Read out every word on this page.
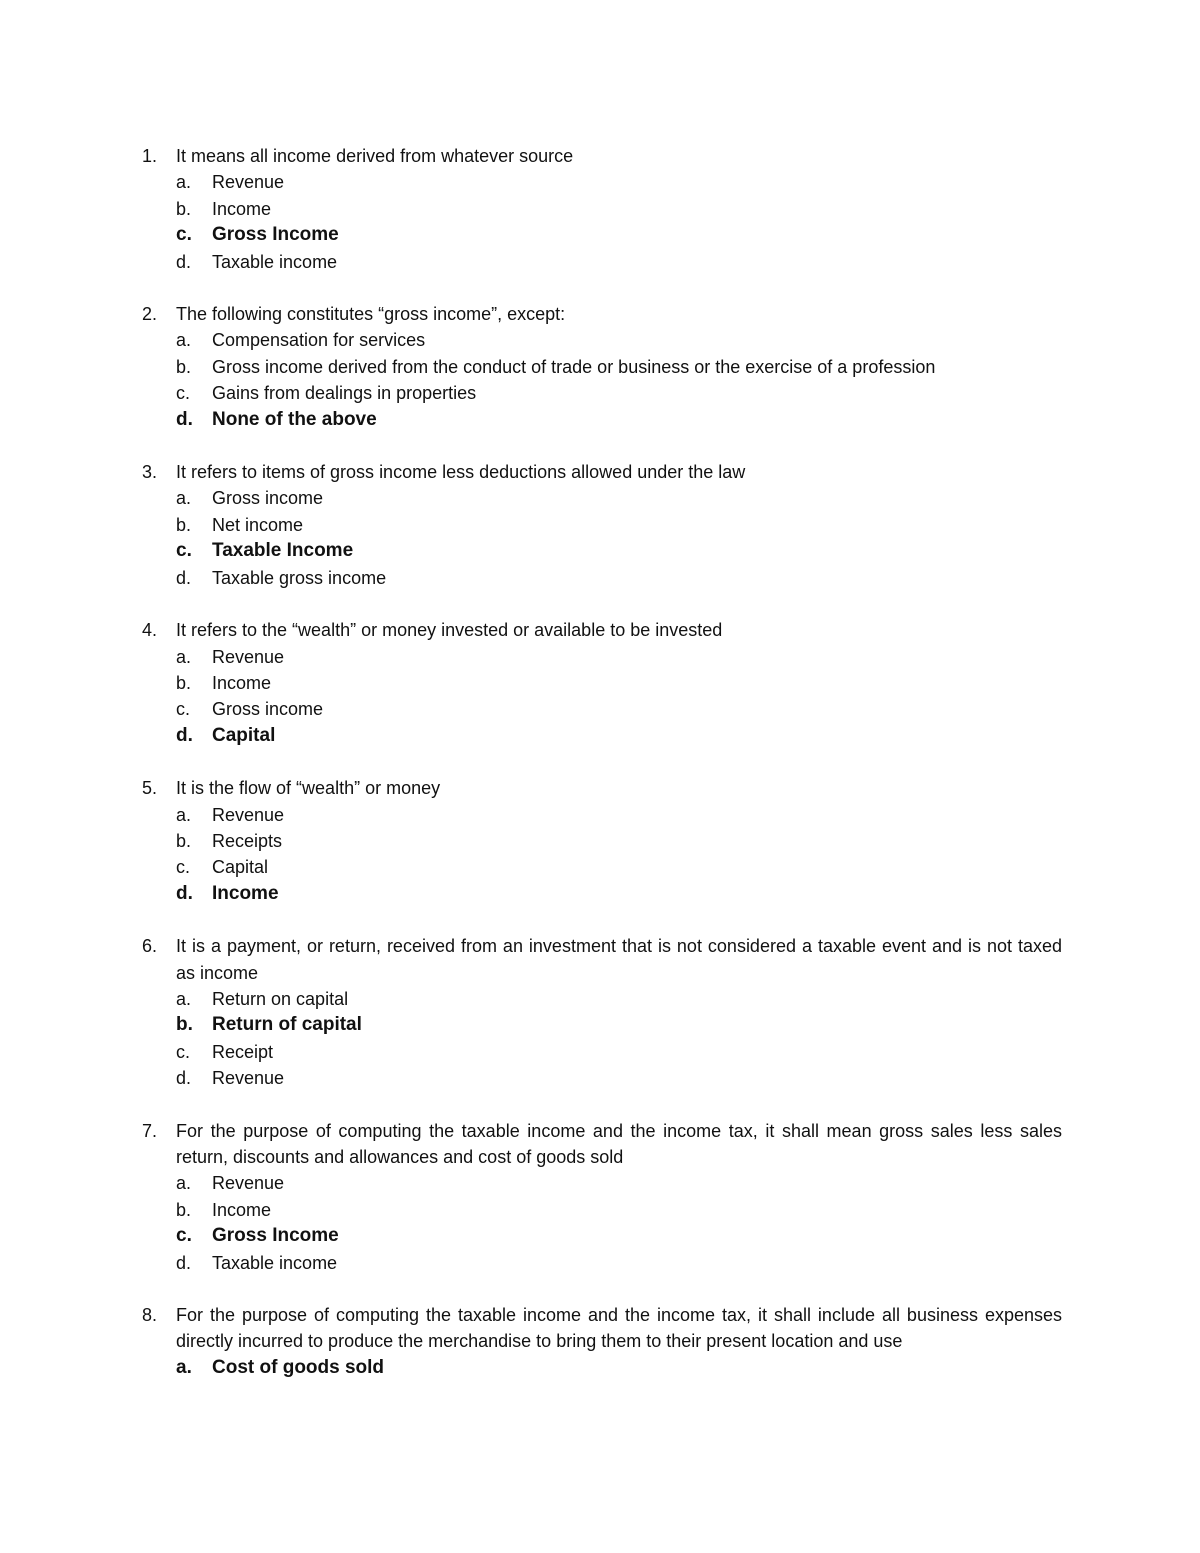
1.	It means all income derived from whatever source
a.	Revenue
b.	Income
c.	Gross Income
d.	Taxable income
2.	The following constitutes “gross income”, except:
a.	Compensation for services
b.	Gross income derived from the conduct of trade or business or the exercise of a profession
c.	Gains from dealings in properties
d.	None of the above
3.	It refers to items of gross income less deductions allowed under the law
a.	Gross income
b.	Net income
c.	Taxable Income
d.	Taxable gross income
4.	It refers to the “wealth” or money invested or available to be invested
a.	Revenue
b.	Income
c.	Gross income
d.	Capital
5.	It is the flow of “wealth” or money
a.	Revenue
b.	Receipts
c.	Capital
d.	Income
6.	It is a payment, or return, received from an investment that is not considered a taxable event and is not taxed as income
a.	Return on capital
b.	Return of capital
c.	Receipt
d.	Revenue
7.	For the purpose of computing the taxable income and the income tax, it shall mean gross sales less sales return, discounts and allowances and cost of goods sold
a.	Revenue
b.	Income
c.	Gross Income
d.	Taxable income
8.	For the purpose of computing the taxable income and the income tax, it shall include all business expenses directly incurred to produce the merchandise to bring them to their present location and use
a.	Cost of goods sold
